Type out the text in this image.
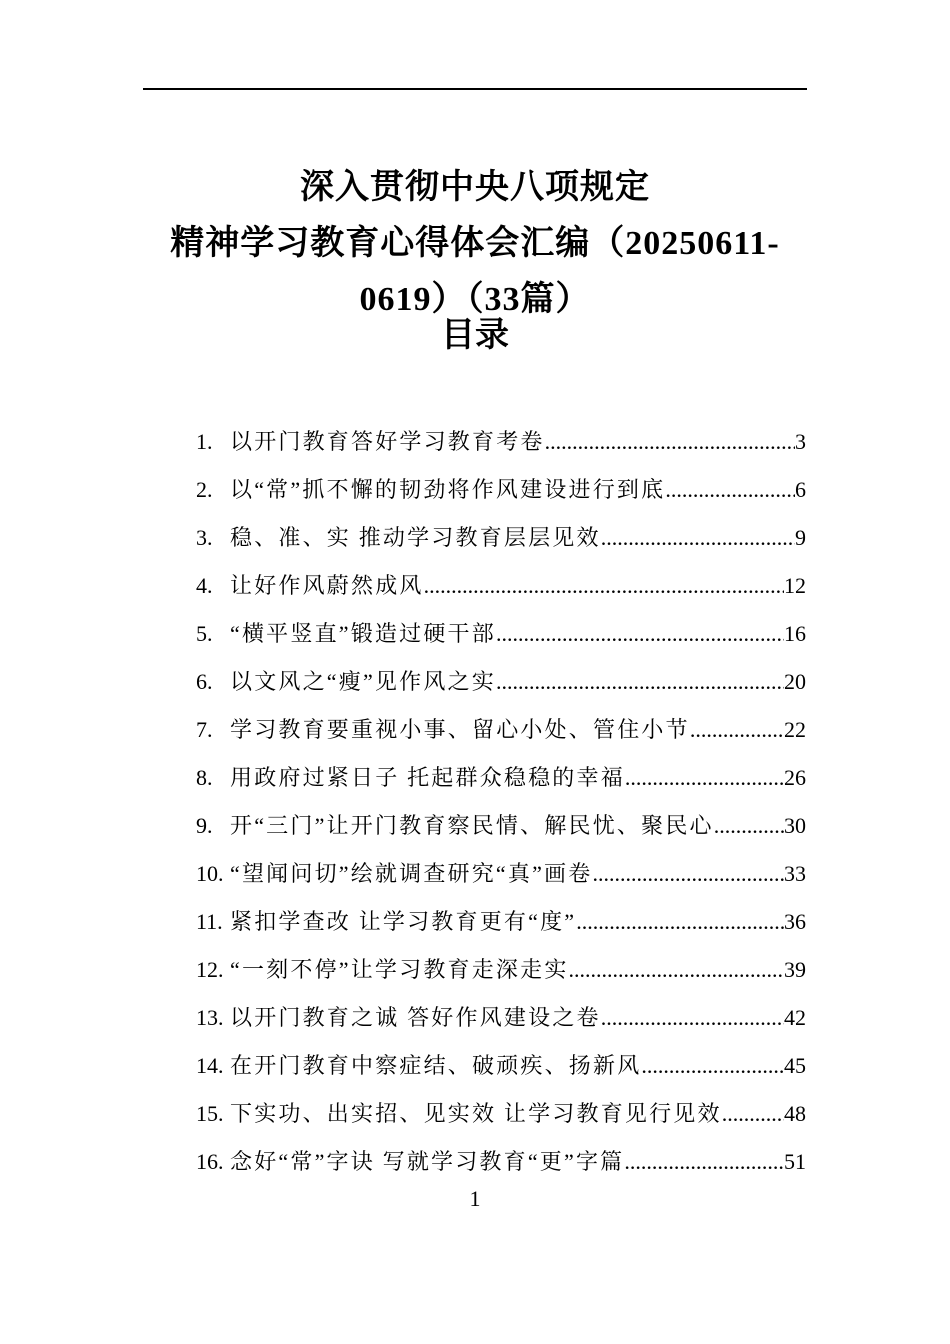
深入贯彻中央八项规定
精神学习教育心得体会汇编（20250611-
0619）（33篇）
目录
1. 以开门教育答好学习教育考卷 .....	3
2. 以“常”抓不懈的韧劲将作风建设进行到底 .....	6
3. 稳、准、实 推动学习教育层层见效 .....	9
4. 让好作风蔚然成风 .....	12
5. “横平竖直”锻造过硬干部 .....	16
6. 以文风之“瘦”见作风之实 .....	20
7. 学习教育要重视小事、留心小处、管住小节 .....	22
8. 用政府过紧日子 托起群众稳稳的幸福 .....	26
9. 开“三门”让开门教育察民情、解民忧、聚民心 .....	30
10. “望闻问切”绘就调查研究“真”画卷 .....	33
11. 紧扣学查改 让学习教育更有“度” .....	36
12. “一刻不停”让学习教育走深走实 .....	39
13. 以开门教育之诚 答好作风建设之卷 .....	42
14. 在开门教育中察症结、破顽疾、扬新风 .....	45
15. 下实功、出实招、见实效 让学习教育见行见效 .....	48
16. 念好“常”字诀 写就学习教育“更”字篇 .....	51
1
